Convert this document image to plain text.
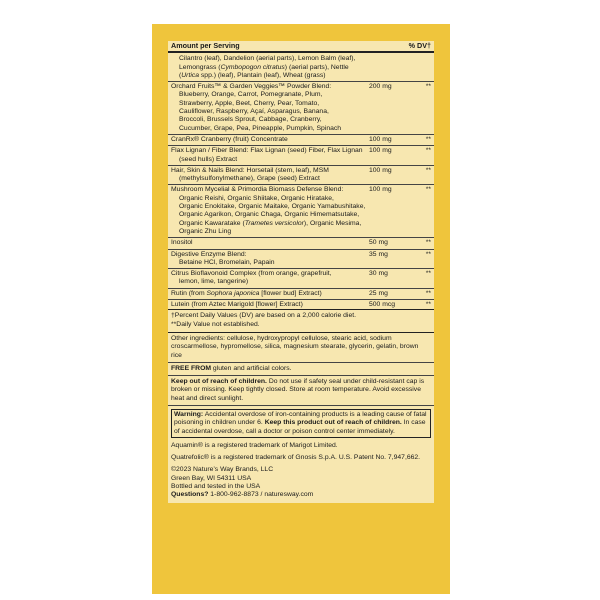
Amount per Serving	% DV†
Cilantro (leaf), Dandelion (aerial parts), Lemon Balm (leaf),
Lemongrass (Cymbopogon citratus) (aerial parts), Nettle
(Urtica spp.) (leaf), Plantain (leaf), Wheat (grass)
Orchard Fruits™ & Garden Veggies™ Powder Blend:
Blueberry, Orange, Carrot, Pomegranate, Plum,
Strawberry, Apple, Beet, Cherry, Pear, Tomato,
Cauliflower, Raspberry, Açaí, Asparagus, Banana,
Broccoli, Brussels Sprout, Cabbage, Cranberry,
Cucumber, Grape, Pea, Pineapple, Pumpkin, Spinach
200 mg	**
CranRx® Cranberry (fruit) Concentrate	100 mg	**
Flax Lignan / Fiber Blend: Flax Lignan (seed) Fiber, Flax Lignan
(seed hulls) Extract
100 mg	**
Hair, Skin & Nails Blend: Horsetail (stem, leaf), MSM
(methylsulfonylmethane), Grape (seed) Extract
100 mg	**
Mushroom Mycelial & Primordia Biomass Defense Blend:
Organic Reishi, Organic Shiitake, Organic Hiratake,
Organic Enokitake, Organic Maitake, Organic Yamabushitake,
Organic Agarikon, Organic Chaga, Organic Himematsutake,
Organic Kawaratake (Trametes versicolor), Organic Mesima,
Organic Zhu Ling
100 mg	**
Inositol	50 mg	**
Digestive Enzyme Blend:
Betaine HCl, Bromelain, Papain
35 mg	**
Citrus Bioflavonoid Complex (from orange, grapefruit,
lemon, lime, tangerine)
30 mg	**
Rutin (from Sophora japonica [flower bud] Extract)	25 mg	**
Lutein (from Aztec Marigold [flower] Extract)	500 mcg	**
†Percent Daily Values (DV) are based on a 2,000 calorie diet.
**Daily Value not established.
Other ingredients: cellulose, hydroxypropyl cellulose, stearic acid, sodium croscarmellose, hypromellose, silica, magnesium stearate, glycerin, gelatin, brown rice
FREE FROM gluten and artificial colors.
Keep out of reach of children. Do not use if safety seal under child-resistant cap is broken or missing. Keep tightly closed. Store at room temperature. Avoid excessive heat and direct sunlight.
Warning: Accidental overdose of iron-containing products is a leading cause of fatal poisoning in children under 6. Keep this product out of reach of children. In case of accidental overdose, call a doctor or poison control center immediately.
Aquamin® is a registered trademark of Marigot Limited.
Quatrefolic® is a registered trademark of Gnosis S.p.A. U.S. Patent No. 7,947,662.
©2023 Nature’s Way Brands, LLC
Green Bay, WI 54311 USA
Bottled and tested in the USA
Questions? 1-800-962-8873 / naturesway.com
